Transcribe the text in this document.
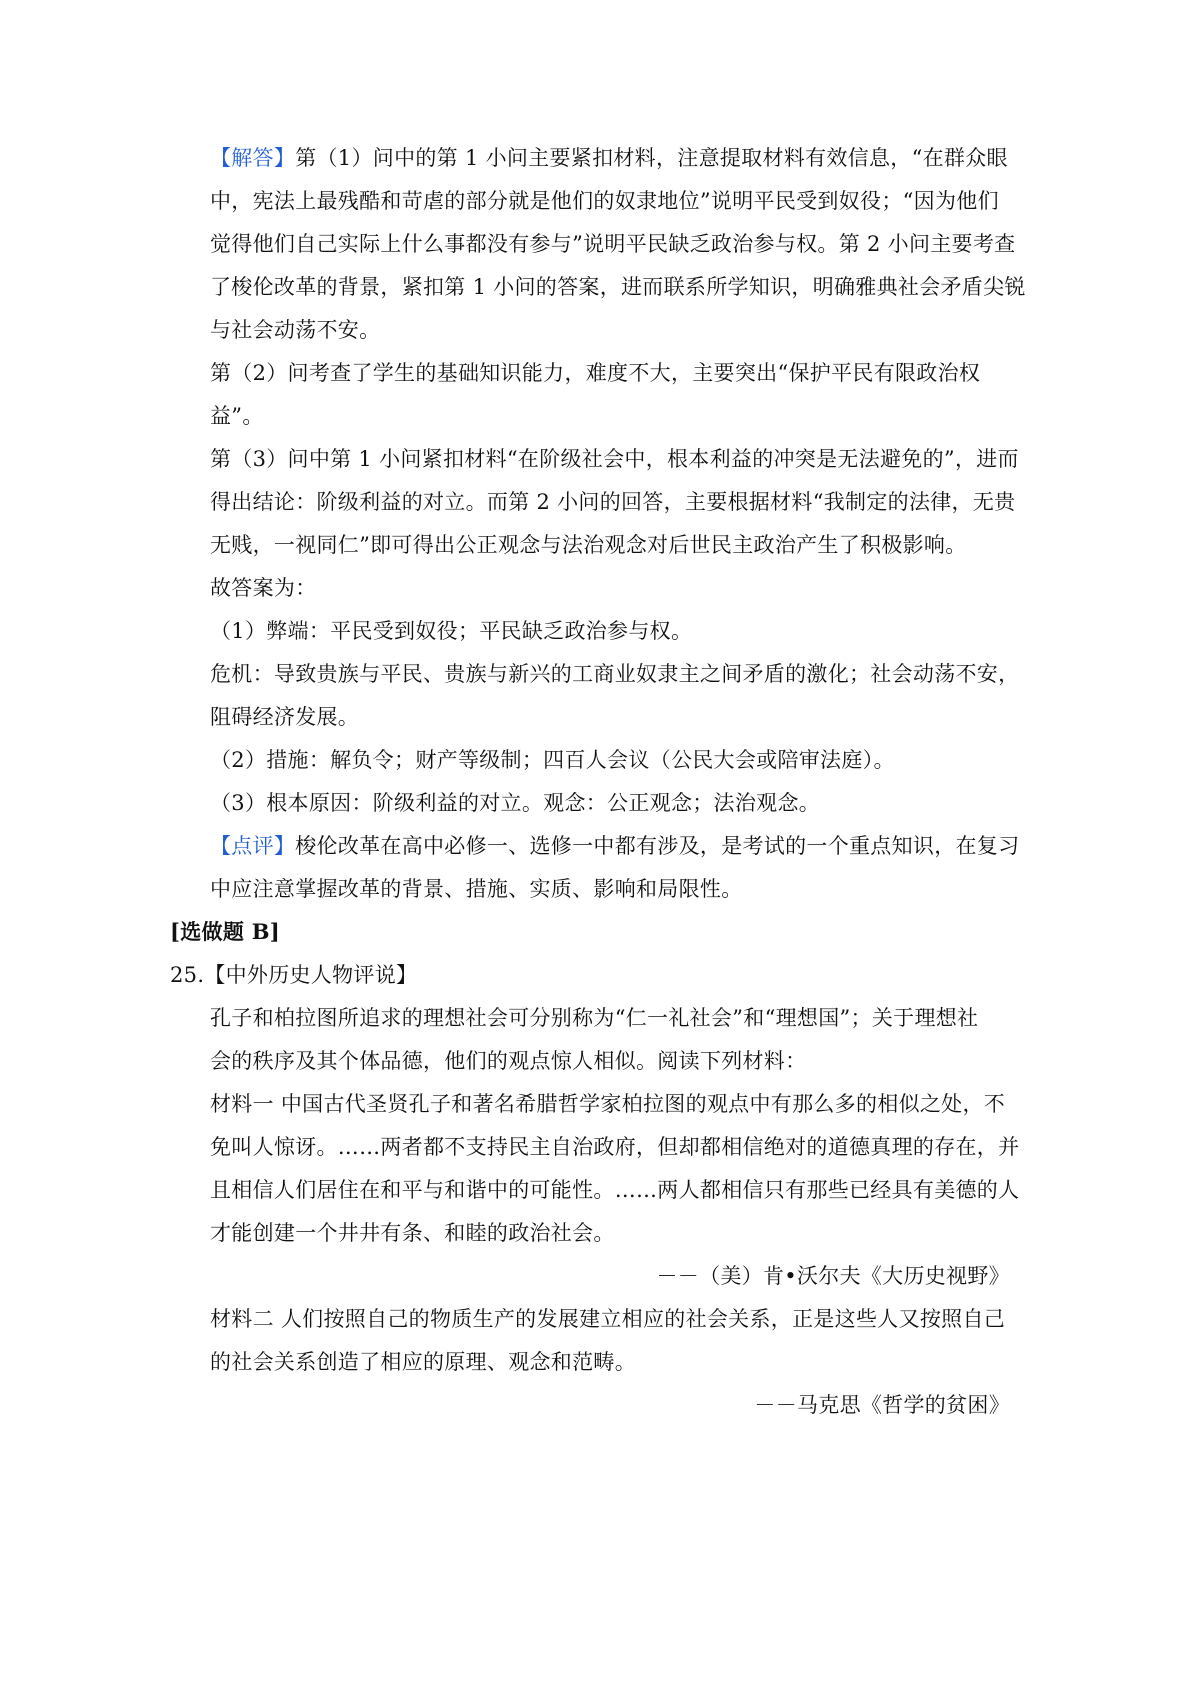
【解答】第（1）问中的第 1 小问主要紧扣材料，注意提取材料有效信息，“在群众眼
中，宪法上最残酷和苛虐的部分就是他们的奴隶地位”说明平民受到奴役；“因为他们
觉得他们自己实际上什么事都没有参与”说明平民缺乏政治参与权。第 2 小问主要考查
了梭伦改革的背景，紧扣第 1 小问的答案，进而联系所学知识，明确雅典社会矛盾尖锐
与社会动荡不安。
第（2）问考查了学生的基础知识能力，难度不大，主要突出“保护平民有限政治权
益”。
第（3）问中第 1 小问紧扣材料“在阶级社会中，根本利益的冲突是无法避免的”，进而
得出结论：阶级利益的对立。而第 2 小问的回答，主要根据材料“我制定的法律，无贵
无贱，一视同仁”即可得出公正观念与法治观念对后世民主政治产生了积极影响。
故答案为：
（1）弊端：平民受到奴役；平民缺乏政治参与权。
危机：导致贵族与平民、贵族与新兴的工商业奴隶主之间矛盾的激化；社会动荡不安，
阻碍经济发展。
（2）措施：解负令；财产等级制；四百人会议（公民大会或陪审法庭）。
（3）根本原因：阶级利益的对立。观念：公正观念；法治观念。
【点评】梭伦改革在高中必修一、选修一中都有涉及，是考试的一个重点知识，在复习
中应注意掌握改革的背景、措施、实质、影响和局限性。
[选做题 B]
25.【中外历史人物评说】
孔子和柏拉图所追求的理想社会可分别称为“仁一礼社会”和“理想国”；关于理想社
会的秩序及其个体品德，他们的观点惊人相似。阅读下列材料：
材料一 中国古代圣贤孔子和著名希腊哲学家柏拉图的观点中有那么多的相似之处，不
免叫人惊讶。……两者都不支持民主自治政府，但却都相信绝对的道德真理的存在，并
且相信人们居住在和平与和谐中的可能性。……两人都相信只有那些已经具有美德的人
才能创建一个井井有条、和睦的政治社会。
－－（美）肯•沃尔夫《大历史视野》
材料二 人们按照自己的物质生产的发展建立相应的社会关系，正是这些人又按照自己
的社会关系创造了相应的原理、观念和范畴。
－－马克思《哲学的贫困》
